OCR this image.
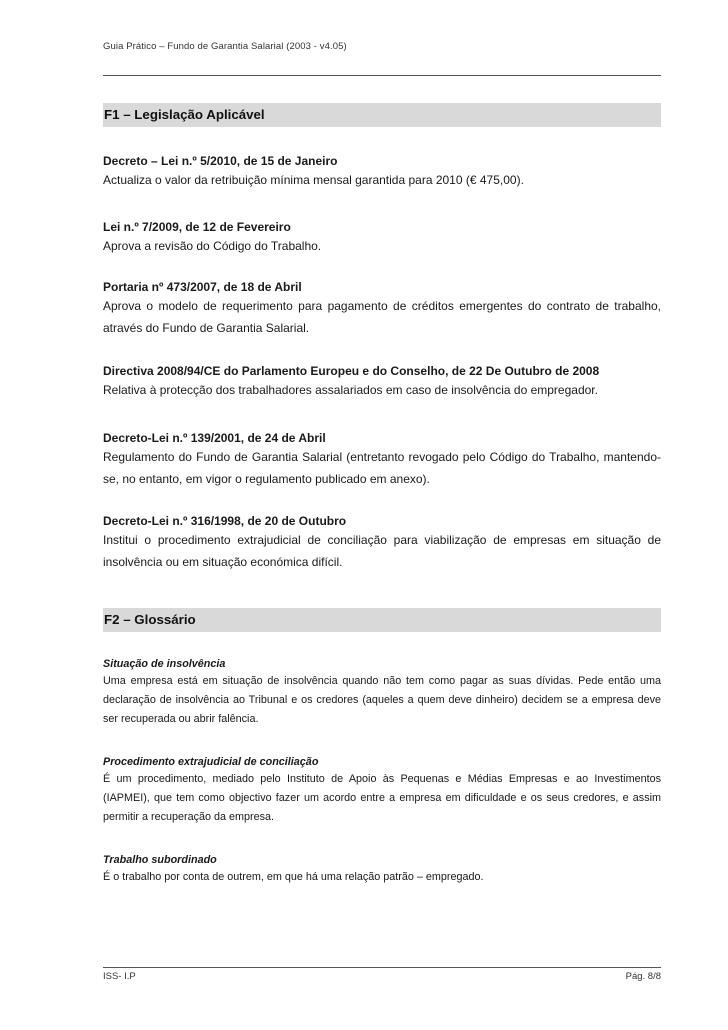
Guia Prático – Fundo de Garantia Salarial (2003 - v4.05)
F1 – Legislação Aplicável

Decreto – Lei n.º 5/2010, de 15 de Janeiro

Actualiza o valor da retribuição mínima mensal garantida para 2010 (€ 475,00).

Lei n.º 7/2009, de 12 de Fevereiro

Aprova a revisão do Código do Trabalho.

Portaria nº 473/2007, de 18 de Abril

Aprova o modelo de requerimento para pagamento de créditos emergentes do contrato de trabalho, através do Fundo de Garantia Salarial.

Directiva 2008/94/CE do Parlamento Europeu e do Conselho, de 22 De Outubro de 2008

Relativa à protecção dos trabalhadores assalariados em caso de insolvência do empregador.

Decreto-Lei n.º 139/2001, de 24 de Abril

Regulamento do Fundo de Garantia Salarial (entretanto revogado pelo Código do Trabalho, mantendo-se, no entanto, em vigor o regulamento publicado em anexo).

Decreto-Lei n.º 316/1998, de 20 de Outubro

Institui o procedimento extrajudicial de conciliação para viabilização de empresas em situação de insolvência ou em situação económica difícil.

F2 – Glossário

Situação de insolvência

Uma empresa está em situação de insolvência quando não tem como pagar as suas dívidas. Pede então uma declaração de insolvência ao Tribunal e os credores (aqueles a quem deve dinheiro) decidem se a empresa deve ser recuperada ou abrir falência.

Procedimento extrajudicial de conciliação

É um procedimento, mediado pelo Instituto de Apoio às Pequenas e Médias Empresas e ao Investimentos (IAPMEI), que tem como objectivo fazer um acordo entre a empresa em dificuldade e os seus credores, e assim permitir a recuperação da empresa.

Trabalho subordinado

É o trabalho por conta de outrem, em que há uma relação patrão – empregado.

ISS- I.P	Pág. 8/8
